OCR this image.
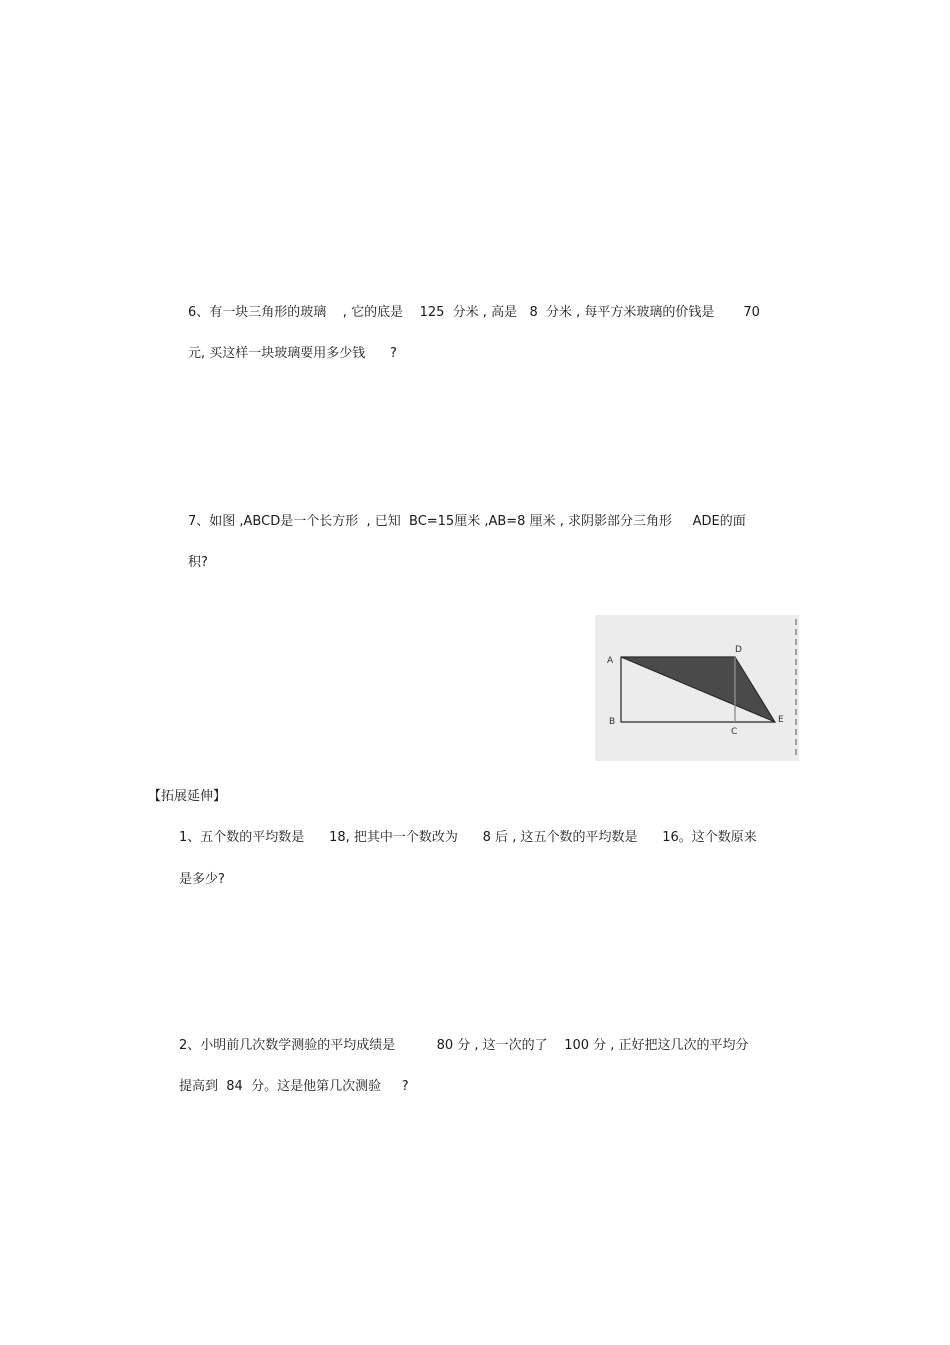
6、有一块三角形的玻璃    , 它的底是    125  分米 , 高是   8  分米 , 每平方米玻璃的价钱是       70

元, 买这样一块玻璃要用多少钱      ?

7、如图 ,ABCD是一个长方形  , 已知  BC=15厘米 ,AB=8 厘米 , 求阴影部分三角形     ADE的面

积?

A
B
C
D
E

【拓展延伸】

1、五个数的平均数是      18, 把其中一个数改为      8 后 , 这五个数的平均数是      16。这个数原来

是多少?

2、小明前几次数学测验的平均成绩是          80 分 , 这一次的了    100 分 , 正好把这几次的平均分

提高到  84  分。这是他第几次测验     ?
